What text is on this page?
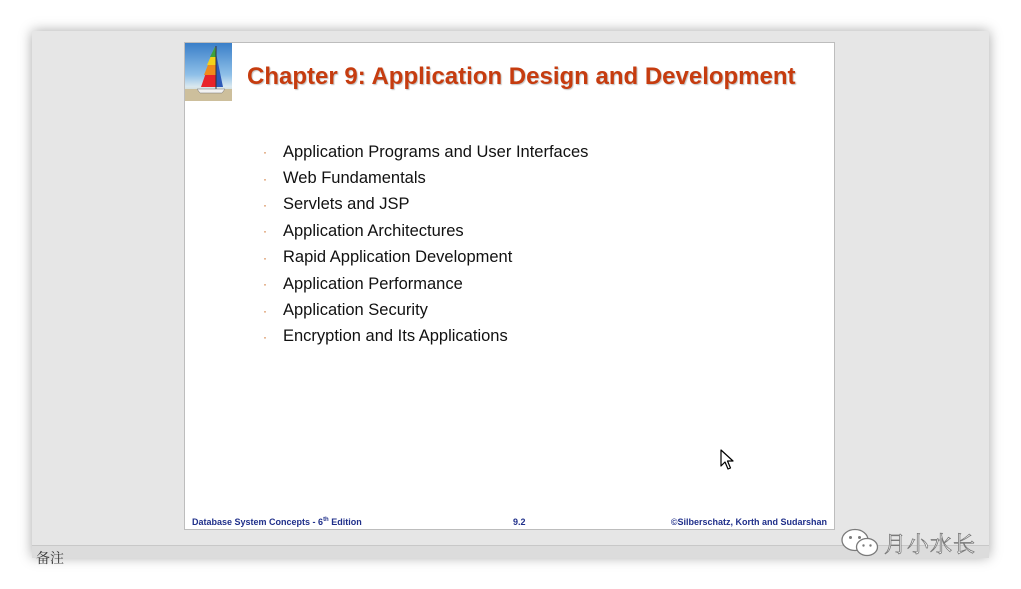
备注
Chapter 9: Application Design and Development
· Application Programs and User Interfaces
· Web Fundamentals
· Servlets and JSP
· Application Architectures
· Rapid Application Development
· Application Performance
· Application Security
· Encryption and Its Applications
Database System Concepts - 6th Edition	9.2	©Silberschatz, Korth and Sudarshan
月小水长
